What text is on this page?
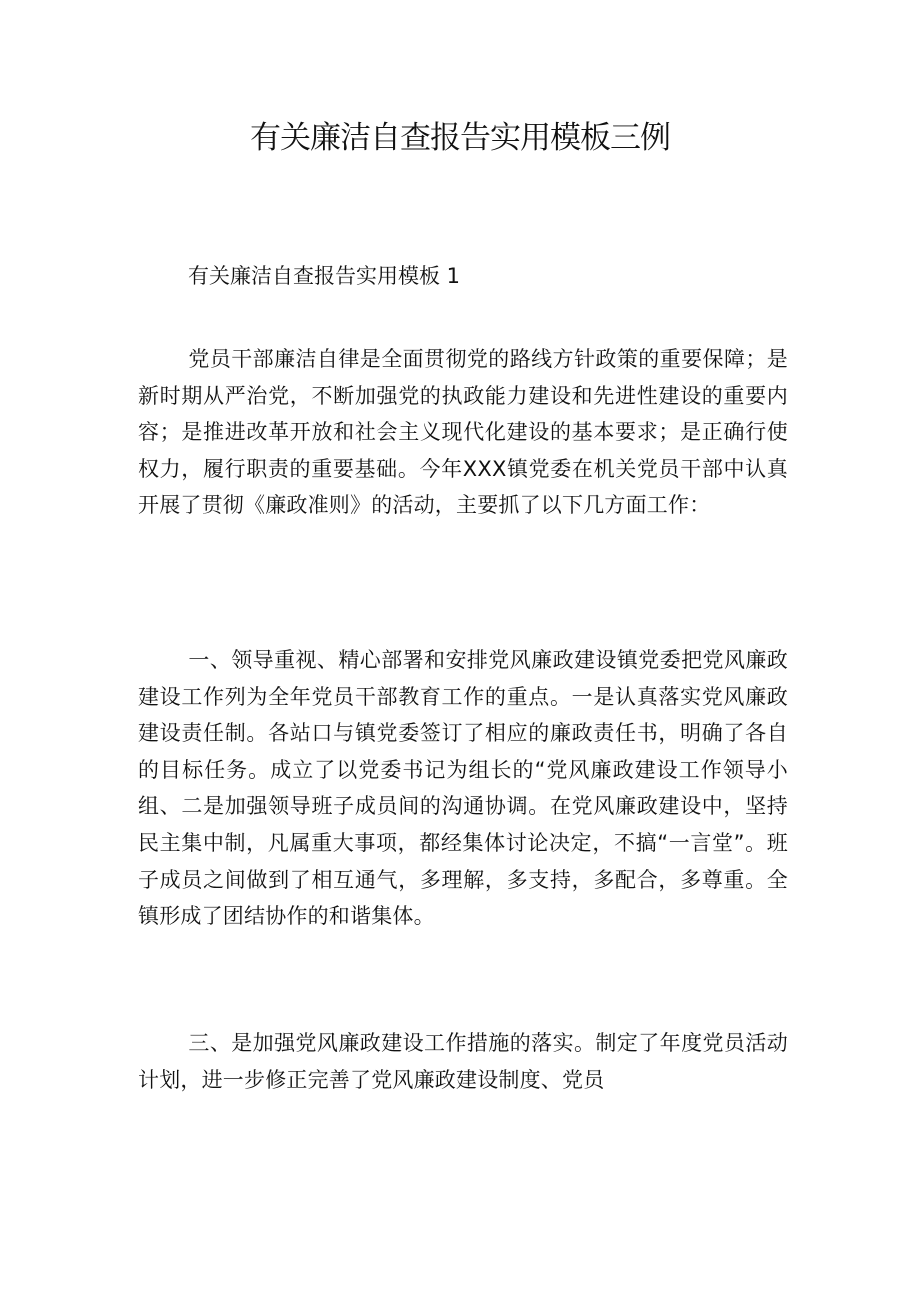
有关廉洁自查报告实用模板三例

有关廉洁自查报告实用模板 1

党员干部廉洁自律是全面贯彻党的路线方针政策的重要保障；是新时期从严治党，不断加强党的执政能力建设和先进性建设的重要内容；是推进改革开放和社会主义现代化建设的基本要求；是正确行使权力，履行职责的重要基础。今年XXX镇党委在机关党员干部中认真开展了贯彻《廉政准则》的活动，主要抓了以下几方面工作：

一、领导重视、精心部署和安排党风廉政建设镇党委把党风廉政建设工作列为全年党员干部教育工作的重点。一是认真落实党风廉政建设责任制。各站口与镇党委签订了相应的廉政责任书，明确了各自的目标任务。成立了以党委书记为组长的“党风廉政建设工作领导小组、二是加强领导班子成员间的沟通协调。在党风廉政建设中，坚持民主集中制，凡属重大事项，都经集体讨论决定，不搞“一言堂”。班子成员之间做到了相互通气，多理解，多支持，多配合，多尊重。全镇形成了团结协作的和谐集体。

三、是加强党风廉政建设工作措施的落实。制定了年度党员活动计划，进一步修正完善了党风廉政建设制度、党员
